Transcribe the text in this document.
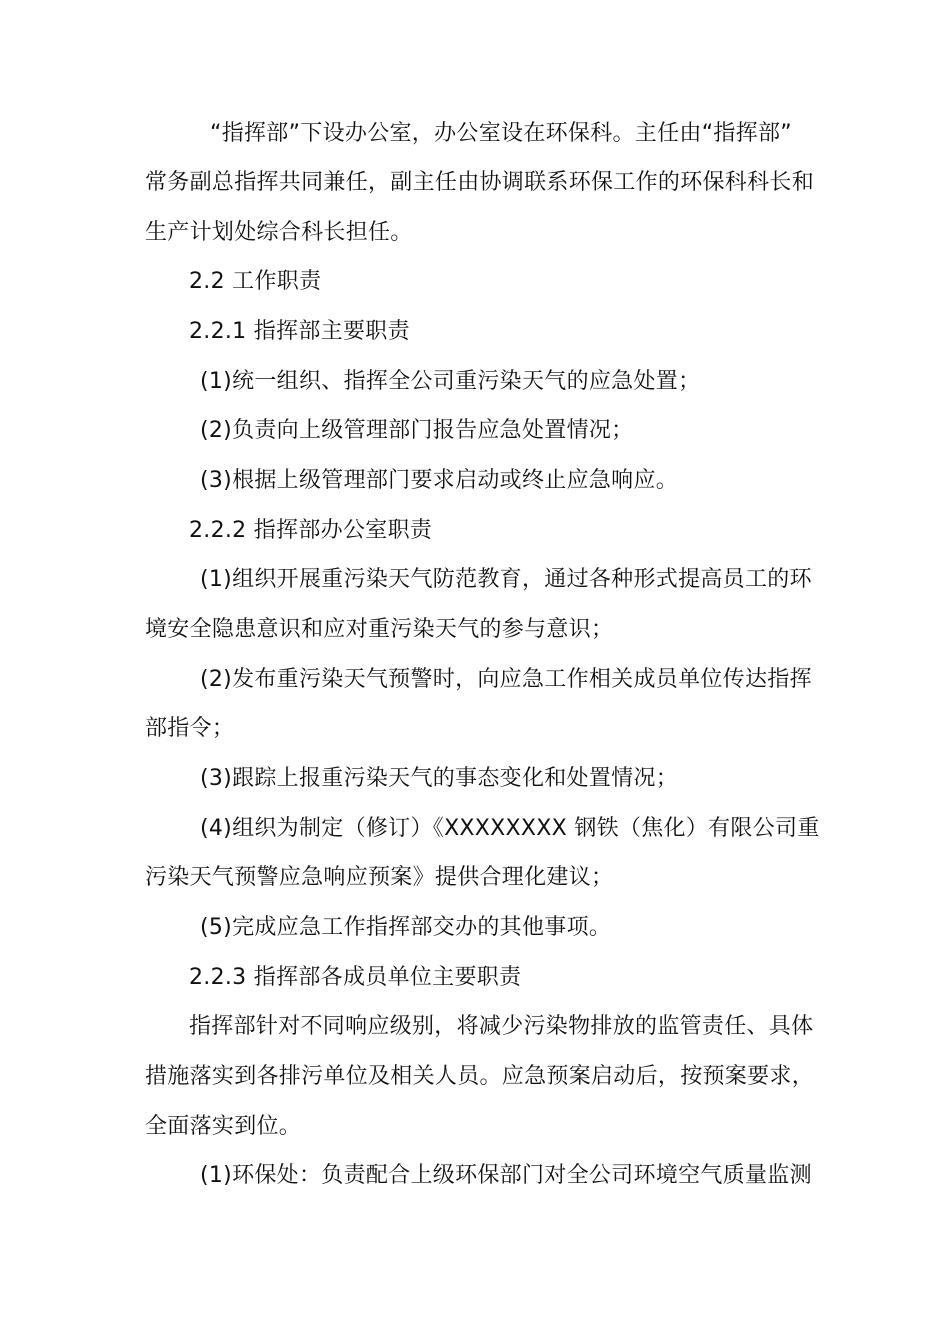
“指挥部”下设办公室，办公室设在环保科。主任由“指挥部”
常务副总指挥共同兼任，副主任由协调联系环保工作的环保科科长和
生产计划处综合科长担任。
2.2 工作职责
2.2.1 指挥部主要职责
(1)统一组织、指挥全公司重污染天气的应急处置；
(2)负责向上级管理部门报告应急处置情况；
(3)根据上级管理部门要求启动或终止应急响应。
2.2.2 指挥部办公室职责
(1)组织开展重污染天气防范教育，通过各种形式提高员工的环
境安全隐患意识和应对重污染天气的参与意识；
(2)发布重污染天气预警时，向应急工作相关成员单位传达指挥
部指令；
(3)跟踪上报重污染天气的事态变化和处置情况；
(4)组织为制定（修订）《XXXXXXXX 钢铁（焦化）有限公司重
污染天气预警应急响应预案》提供合理化建议；
(5)完成应急工作指挥部交办的其他事项。
2.2.3 指挥部各成员单位主要职责
指挥部针对不同响应级别，将减少污染物排放的监管责任、具体
措施落实到各排污单位及相关人员。应急预案启动后，按预案要求，
全面落实到位。
(1)环保处：负责配合上级环保部门对全公司环境空气质量监测
